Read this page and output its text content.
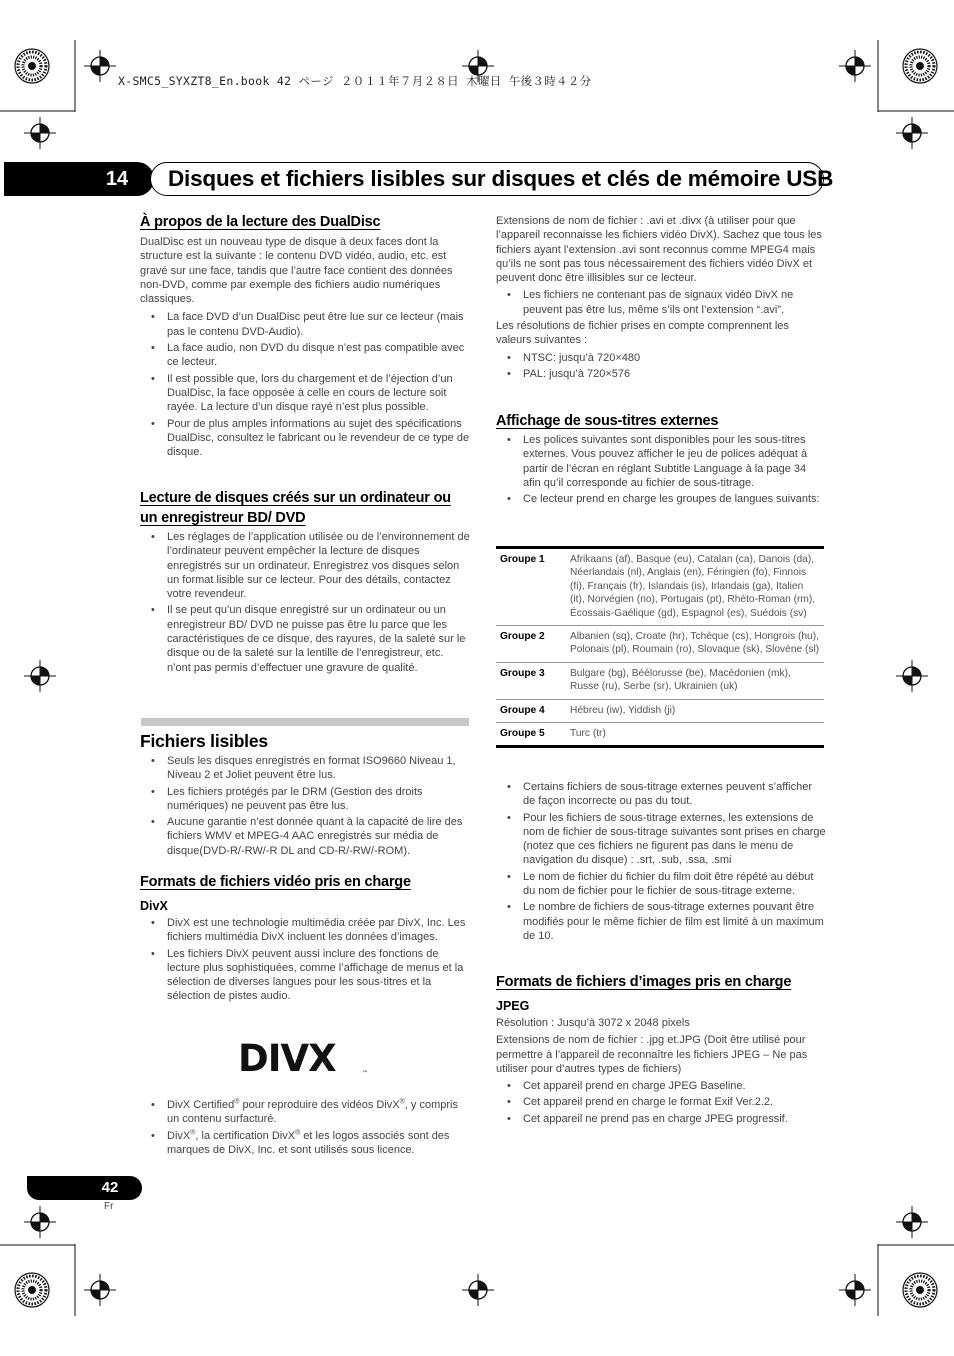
X-SMC5_SYXZT8_En.book 42 ページ ２０１１年７月２８日 木曜日 午後３時４２分
14 Disques et fichiers lisibles sur disques et clés de mémoire USB
À propos de la lecture des DualDisc

DualDisc est un nouveau type de disque à deux faces dont la structure est la suivante : le contenu DVD vidéo, audio, etc. est gravé sur une face, tandis que l’autre face contient des données non-DVD, comme par exemple des fichiers audio numériques classiques.

• La face DVD d’un DualDisc peut être lue sur ce lecteur (mais pas le contenu DVD-Audio).
• La face audio, non DVD du disque n’est pas compatible avec ce lecteur.
• Il est possible que, lors du chargement et de l’éjection d’un DualDisc, la face opposée à celle en cours de lecture soit rayée. La lecture d’un disque rayé n’est plus possible.
• Pour de plus amples informations au sujet des spécifications DualDisc, consultez le fabricant ou le revendeur de ce type de disque.
Lecture de disques créés sur un ordinateur ou
un enregistreur BD/ DVD
• Les réglages de l’application utilisée ou de l’environnement de l’ordinateur peuvent empêcher la lecture de disques enregistrés sur un ordinateur. Enregistrez vos disques selon un format lisible sur ce lecteur. Pour des détails, contactez votre revendeur.
• Il se peut qu’un disque enregistré sur un ordinateur ou un enregistreur BD/ DVD ne puisse pas être lu parce que les caractéristiques de ce disque, des rayures, de la saleté sur le disque ou de la saleté sur la lentille de l’enregistreur, etc. n’ont pas permis d’effectuer une gravure de qualité.
Fichiers lisibles
• Seuls les disques enregistrés en format ISO9660 Niveau 1, Niveau 2 et Joliet peuvent être lus.
• Les fichiers protégés par le DRM (Gestion des droits numériques) ne peuvent pas être lus.
• Aucune garantie n’est donnée quant à la capacité de lire des fichiers WMV et MPEG-4 AAC enregistrés sur média de disque(DVD-R/-RW/-R DL and CD-R/-RW/-ROM).
Formats de fichiers vidéo pris en charge
DivX
• DivX est une technologie multimédia créée par DivX, Inc. Les fichiers multimédia DivX incluent les données d’images.
• Les fichiers DivX peuvent aussi inclure des fonctions de lecture plus sophistiquées, comme l’affichage de menus et la sélection de diverses langues pour les sous-titres et la sélection de pistes audio.
DIVX	™
• DivX Certified® pour reproduire des vidéos DivX®, y compris un contenu surfacturé.
• DivX®, la certification DivX® et les logos associés sont des marques de DivX, Inc. et sont utilisés sous licence.

Extensions de nom de fichier : .avi et .divx (à utiliser pour que l’appareil reconnaisse les fichiers vidéo DivX). Sachez que tous les fichiers ayant l’extension .avi sont reconnus comme MPEG4 mais qu’ils ne sont pas tous nécessairement des fichiers vidéo DivX et peuvent donc être illisibles sur ce lecteur.

• Les fichiers ne contenant pas de signaux vidéo DivX ne peuvent pas être lus, même s’ils ont l’extension “.avi”.

Les résolutions de fichier prises en compte comprennent les valeurs suivantes :

• NTSC: jusqu’à 720×480
• PAL: jusqu’à 720×576
Affichage de sous-titres externes
• Les polices suivantes sont disponibles pour les sous-titres externes. Vous pouvez afficher le jeu de polices adéquat à partir de l’écran en réglant Subtitle Language à la page 34 afin qu’il corresponde au fichier de sous-titrage.
• Ce lecteur prend en charge les groupes de langues suivants:
Groupe 1	Afrikaans (af), Basque (eu), Catalan (ca), Danois (da), Néerlandais (nl), Anglais (en), Féringien (fo), Finnois (fi), Français (fr), Islandais (is), Irlandais (ga), Italien (it), Norvégien (no), Portugais (pt), Rhéto-Roman (rm), Écossais-Gaélique (gd), Espagnol (es), Suédois (sv)
Groupe 2	Albanien (sq), Croate (hr), Tchèque (cs), Hongrois (hu), Polonais (pl), Roumain (ro), Slovaque (sk), Slovène (sl)
Groupe 3	Bulgare (bg), Béélorusse (be), Macédonien (mk), Russe (ru), Serbe (sr), Ukrainien (uk)
Groupe 4	Hébreu (iw), Yiddish (ji)
Groupe 5	Turc (tr)
• Certains fichiers de sous-titrage externes peuvent s’afficher de façon incorrecte ou pas du tout.
• Pour les fichiers de sous-titrage externes, les extensions de nom de fichier de sous-titrage suivantes sont prises en charge (notez que ces fichiers ne figurent pas dans le menu de navigation du disque) : .srt, .sub, .ssa, .smi
• Le nom de fichier du fichier du film doit être répété au début du nom de fichier pour le fichier de sous-titrage externe.
• Le nombre de fichiers de sous-titrage externes pouvant être modifiés pour le même fichier de film est limité à un maximum de 10.
Formats de fichiers d’images pris en charge
JPEG

Résolution : Jusqu’à 3072 x 2048 pixels

Extensions de nom de fichier : .jpg et.JPG (Doit être utilisé pour permettre à l’appareil de reconnaître les fichiers JPEG – Ne pas utiliser pour d’autres types de fichiers)

• Cet appareil prend en charge JPEG Baseline.
• Cet appareil prend en charge le format Exif Ver.2.2.
• Cet appareil ne prend pas en charge JPEG progressif.
42
Fr
